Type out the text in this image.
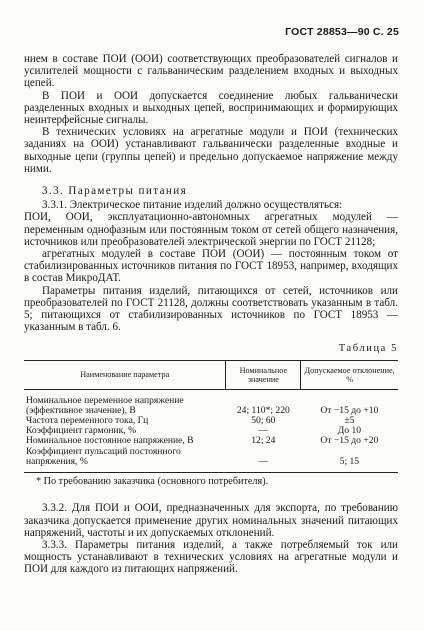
ГОСТ 28853—90 С. 25

нием в составе ПОИ (ООИ) соответствующих преобразователей сигналов и усилителей мощности с гальваническим разделением входных и выходных цепей.

В ПОИ и ООИ допускается соединение любых гальванически разделенных входных и выходных цепей, воспринимающих и формирующих неинтерфейсные сигналы.

В технических условиях на агрегатные модули и ПОИ (технических заданиях на ООИ) устанавливают гальванически разделенные входные и выходные цепи (группы цепей) и предельно допускаемое напряжение между ними.

3.3. Параметры питания

3.3.1. Электрическое питание изделий должно осуществляться:

ПОИ, ООИ, эксплуатационно-автономных агрегатных модулей — переменным однофазным или постоянным током от сетей общего назначения, источников или преобразователей электрической энергии по ГОСТ 21128;

агрегатных модулей в составе ПОИ (ООИ) — постоянным током от стабилизированных источников питания по ГОСТ 18953, например, входящих в состав МикроДАТ.

Параметры питания изделий, питающихся от сетей, источников или преобразователей по ГОСТ 21128, должны соответствовать указанным в табл. 5; питающихся от стабилизированных источников по ГОСТ 18953 — указанным в табл. 6.

Таблица 5

Наименование параметра	Номинальное значение	Допускаемое отклонение, %
Номинальное переменное напряжение (эффективное значение), В	24; 110*; 220	От −15 до +10
Частота переменного тока, Гц	50; 60	±5
Коэффициент гармоник, %	—	До 10
Номинальное постоянное напряжение, В	12; 24	От −15 до +20
Коэффициент пульсаций постоянного напряжения, %	—	5; 15

* По требованию заказчика (основного потребителя).

3.3.2. Для ПОИ и ООИ, предназначенных для экспорта, по требованию заказчика допускается применение других номинальных значений питающих напряжений, частоты и их допускаемых отклонений.

3.3.3. Параметры питания изделий, а также потребляемый ток или мощность устанавливают в технических условиях на агрегатные модули и ПОИ для каждого из питающих напряжений.
